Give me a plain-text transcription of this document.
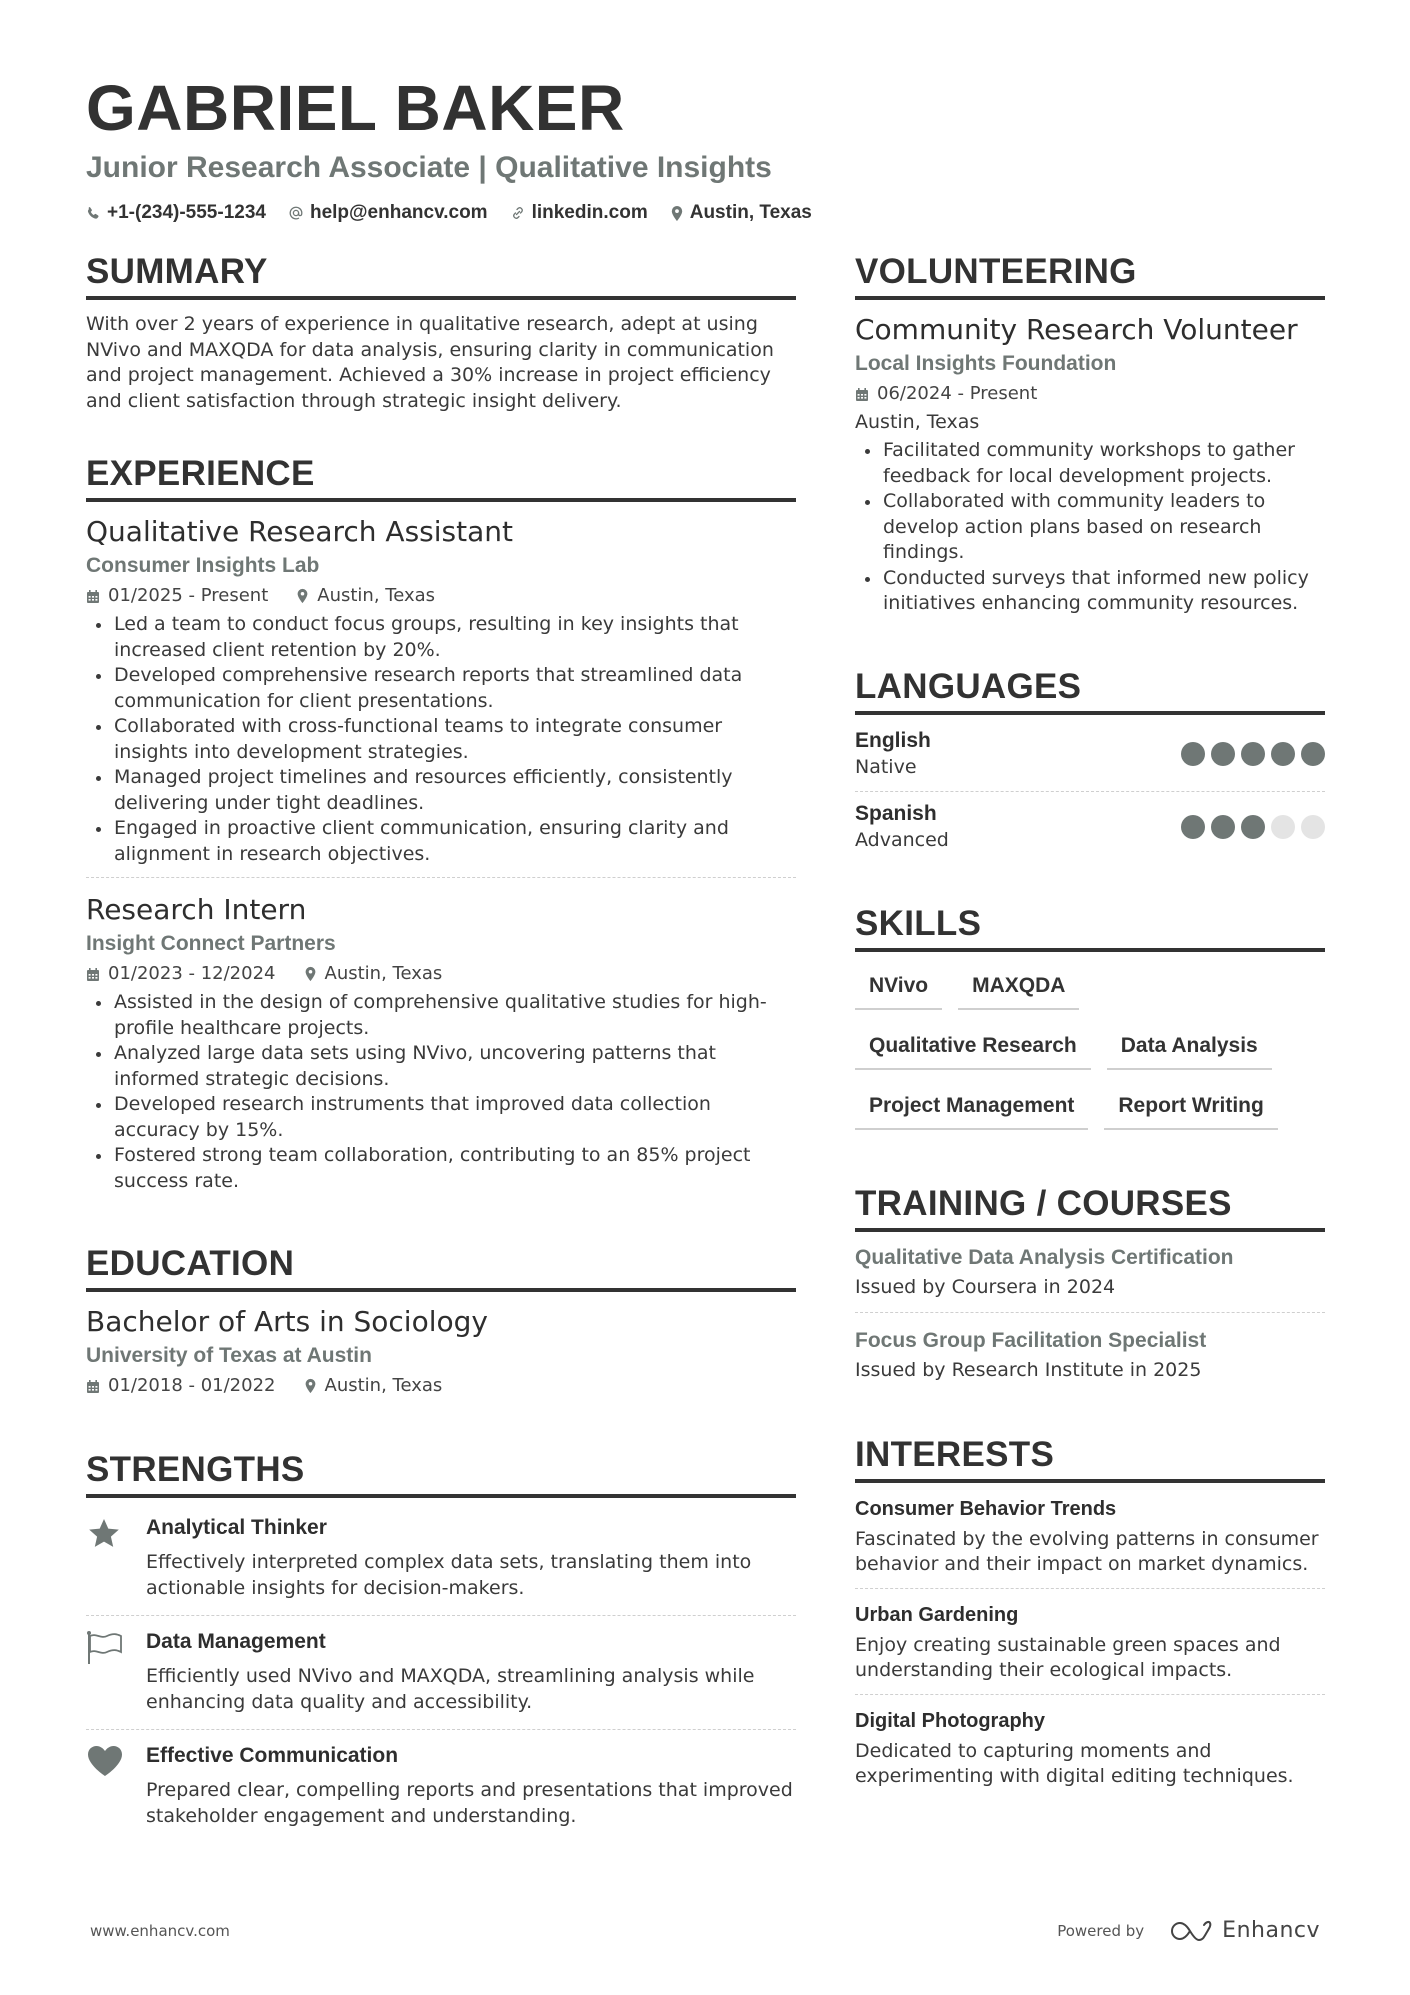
GABRIEL BAKER
Junior Research Associate | Qualitative Insights
+1-(234)-555-1234 help@enhancv.com linkedin.com Austin, Texas
SUMMARY
With over 2 years of experience in qualitative research, adept at using NVivo and MAXQDA for data analysis, ensuring clarity in communication and project management. Achieved a 30% increase in project efficiency and client satisfaction through strategic insight delivery.
EXPERIENCE
Qualitative Research Assistant
Consumer Insights Lab
01/2025 - Present	Austin, Texas
Led a team to conduct focus groups, resulting in key insights that increased client retention by 20%.
Developed comprehensive research reports that streamlined data communication for client presentations.
Collaborated with cross-functional teams to integrate consumer insights into development strategies.
Managed project timelines and resources efficiently, consistently delivering under tight deadlines.
Engaged in proactive client communication, ensuring clarity and alignment in research objectives.
Research Intern
Insight Connect Partners
01/2023 - 12/2024	Austin, Texas
Assisted in the design of comprehensive qualitative studies for high-profile healthcare projects.
Analyzed large data sets using NVivo, uncovering patterns that informed strategic decisions.
Developed research instruments that improved data collection accuracy by 15%.
Fostered strong team collaboration, contributing to an 85% project success rate.
EDUCATION
Bachelor of Arts in Sociology
University of Texas at Austin
01/2018 - 01/2022	Austin, Texas
STRENGTHS
Analytical Thinker
Effectively interpreted complex data sets, translating them into actionable insights for decision-makers.
Data Management
Efficiently used NVivo and MAXQDA, streamlining analysis while enhancing data quality and accessibility.
Effective Communication
Prepared clear, compelling reports and presentations that improved stakeholder engagement and understanding.
VOLUNTEERING
Community Research Volunteer
Local Insights Foundation
06/2024 - Present
Austin, Texas
Facilitated community workshops to gather feedback for local development projects.
Collaborated with community leaders to develop action plans based on research findings.
Conducted surveys that informed new policy initiatives enhancing community resources.
LANGUAGES
English
Native
Spanish
Advanced
SKILLS
NVivo	MAXQDA
Qualitative Research	Data Analysis
Project Management	Report Writing
TRAINING / COURSES
Qualitative Data Analysis Certification
Issued by Coursera in 2024
Focus Group Facilitation Specialist
Issued by Research Institute in 2025
INTERESTS
Consumer Behavior Trends
Fascinated by the evolving patterns in consumer behavior and their impact on market dynamics.
Urban Gardening
Enjoy creating sustainable green spaces and understanding their ecological impacts.
Digital Photography
Dedicated to capturing moments and experimenting with digital editing techniques.
www.enhancv.com	Powered by	Enhancv
